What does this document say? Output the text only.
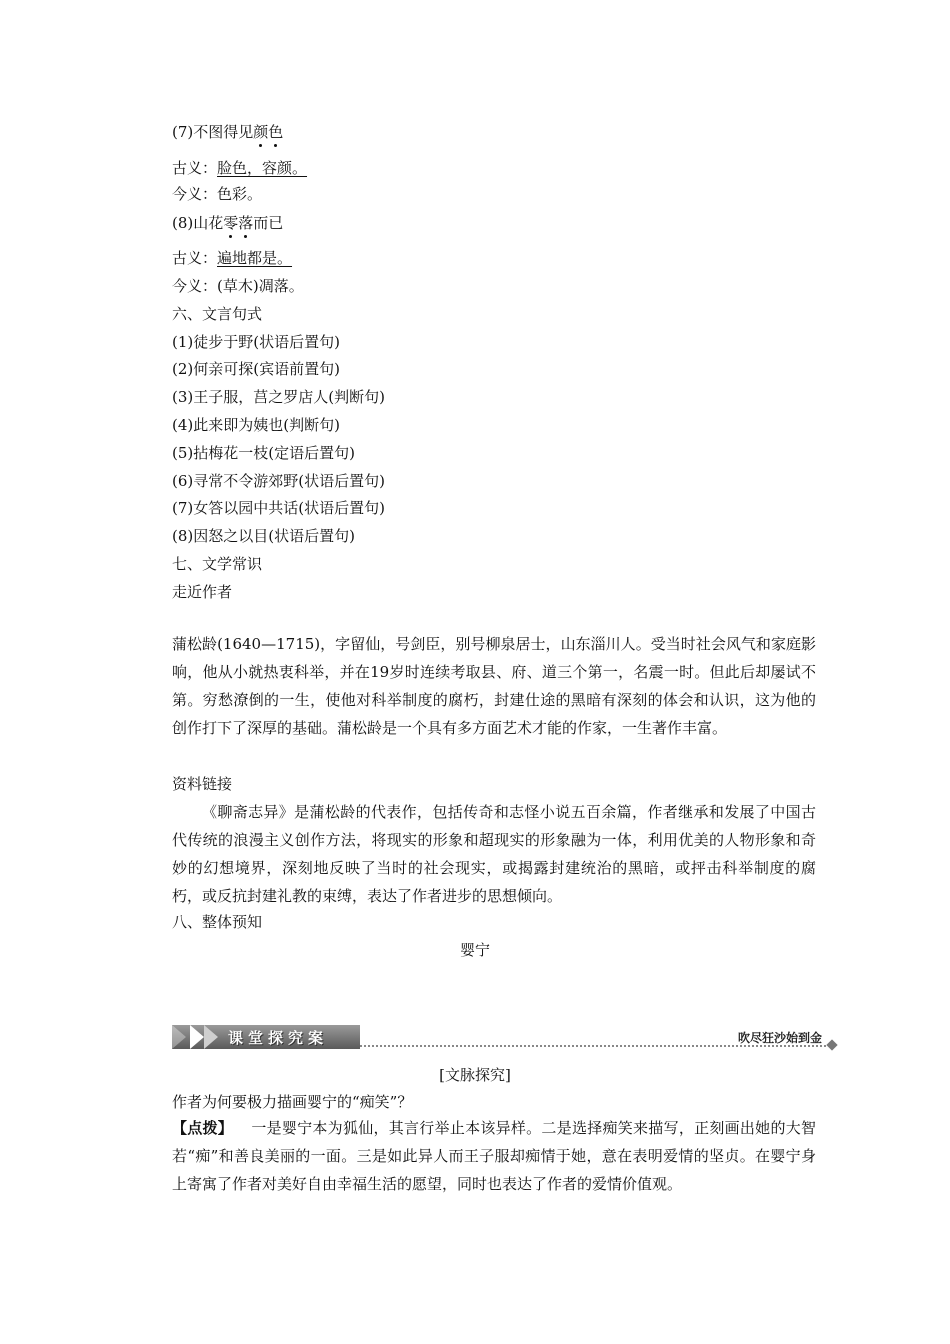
(7)不图得见颜色
古义：脸色，容颜。
今义：色彩。
(8)山花零落而已
古义：遍地都是。
今义：(草木)凋落。
六、文言句式
(1)徒步于野(状语后置句)
(2)何亲可探(宾语前置句)
(3)王子服，莒之罗店人(判断句)
(4)此来即为姨也(判断句)
(5)拈梅花一枝(定语后置句)
(6)寻常不令游郊野(状语后置句)
(7)女答以园中共话(状语后置句)
(8)因怒之以目(状语后置句)
七、文学常识
走近作者
蒲松龄(1640—1715)，字留仙，号剑臣，别号柳泉居士，山东淄川人。受当时社会风气和家庭影响，他从小就热衷科举，并在19岁时连续考取县、府、道三个第一，名震一时。但此后却屡试不第。穷愁潦倒的一生，使他对科举制度的腐朽，封建仕途的黑暗有深刻的体会和认识，这为他的创作打下了深厚的基础。蒲松龄是一个具有多方面艺术才能的作家，一生著作丰富。
资料链接
《聊斋志异》是蒲松龄的代表作，包括传奇和志怪小说五百余篇，作者继承和发展了中国古代传统的浪漫主义创作方法，将现实的形象和超现实的形象融为一体，利用优美的人物形象和奇妙的幻想境界，深刻地反映了当时的社会现实，或揭露封建统治的黑暗，或抨击科举制度的腐朽，或反抗封建礼教的束缚，表达了作者进步的思想倾向。
八、整体预知
婴宁
课堂探究案	吹尽狂沙始到金
[文脉探究]
作者为何要极力描画婴宁的“痴笑”？
【点拨】 一是婴宁本为狐仙，其言行举止本该异样。二是选择痴笑来描写，正刻画出她的大智若“痴”和善良美丽的一面。三是如此异人而王子服却痴情于她，意在表明爱情的坚贞。在婴宁身上寄寓了作者对美好自由幸福生活的愿望，同时也表达了作者的爱情价值观。
